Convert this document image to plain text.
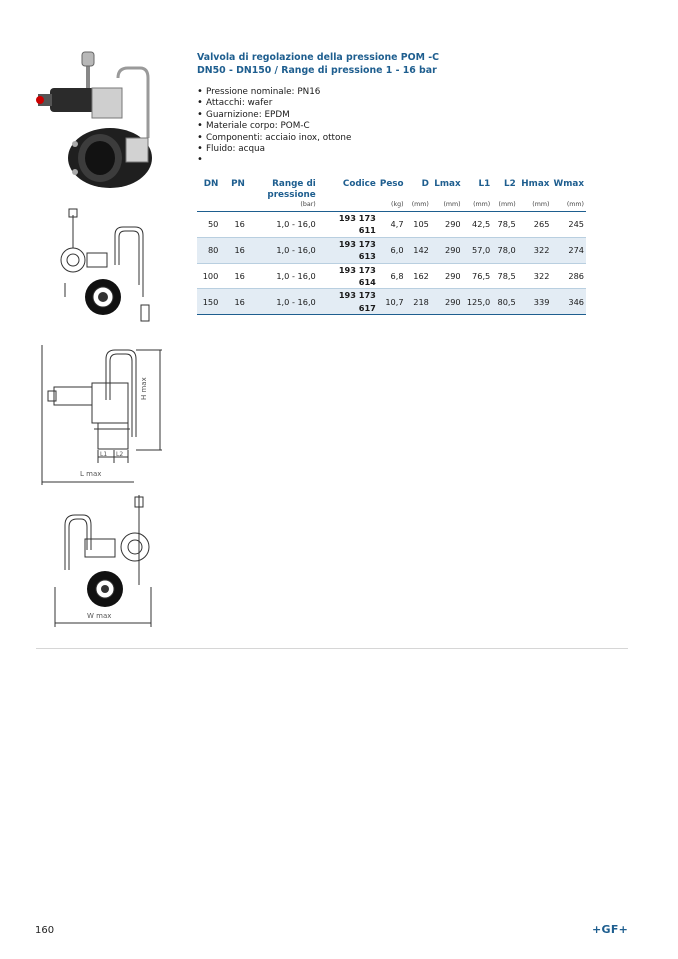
H max
L max
L1 L2
W max
Valvola di regolazione della pressione POM -C
DN50 - DN150 / Range di pressione 1 - 16 bar
• Pressione nominale: PN16
• Attacchi: wafer
• Guarnizione: EPDM
• Materiale corpo: POM-C
• Componenti: acciaio inox, ottone
• Fluido: acqua
•
DN	PN	Range di pressione	Codice	Peso	D	Lmax	L1	L2	Hmax	Wmax
		(bar)		(kg)	(mm)	(mm)	(mm)	(mm)	(mm)	(mm)
50	16	1,0 - 16,0	193 173 611	4,7	105	290	42,5	78,5	265	245
80	16	1,0 - 16,0	193 173 613	6,0	142	290	57,0	78,0	322	274
100	16	1,0 - 16,0	193 173 614	6,8	162	290	76,5	78,5	322	286
150	16	1,0 - 16,0	193 173 617	10,7	218	290	125,0	80,5	339	346
160	+GF+
